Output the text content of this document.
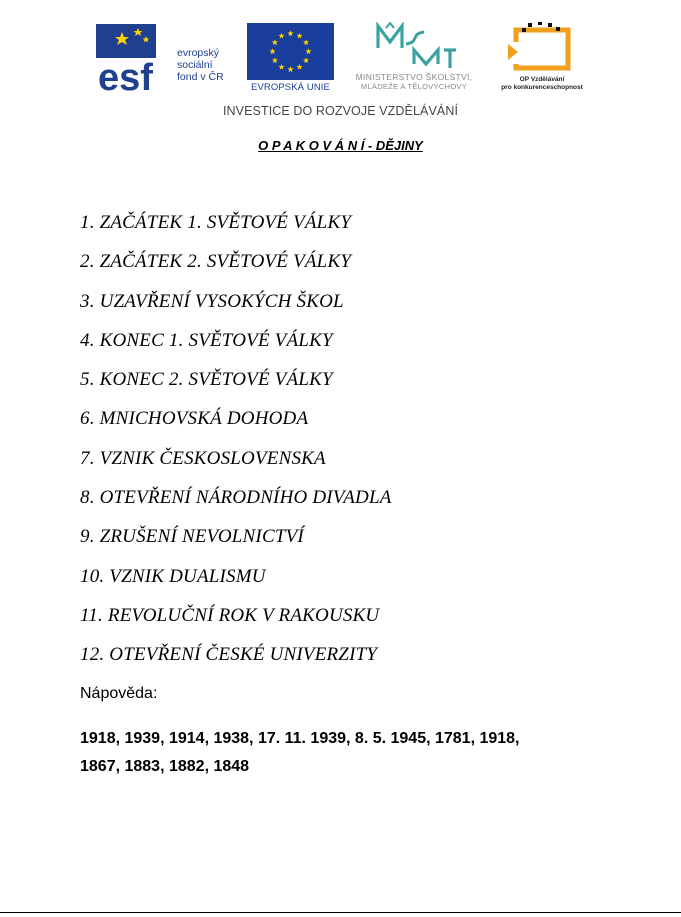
esf
evropský
sociální
fond v ČR
EVROPSKÁ UNIE
MINISTERSTVO ŠKOLSTVÍ,
MLÁDEŽE A TĚLOVÝCHOVY
OP Vzdělávání
pro konkurenceschopnost
INVESTICE DO ROZVOJE VZDĚLÁVÁNÍ
O P A K O V Á N Í - DĚJINY
1. ZAČÁTEK 1. SVĚTOVÉ VÁLKY
2. ZAČÁTEK 2. SVĚTOVÉ VÁLKY
3. UZAVŘENÍ VYSOKÝCH ŠKOL
4. KONEC 1. SVĚTOVÉ VÁLKY
5. KONEC 2. SVĚTOVÉ VÁLKY
6. MNICHOVSKÁ DOHODA
7. VZNIK ČESKOSLOVENSKA
8. OTEVŘENÍ NÁRODNÍHO DIVADLA
9. ZRUŠENÍ NEVOLNICTVÍ
10. VZNIK DUALISMU
11. REVOLUČNÍ ROK V RAKOUSKU
12. OTEVŘENÍ ČESKÉ UNIVERZITY
Nápověda:
1918, 1939, 1914, 1938, 17. 11. 1939, 8. 5. 1945, 1781, 1918,
1867, 1883, 1882, 1848
